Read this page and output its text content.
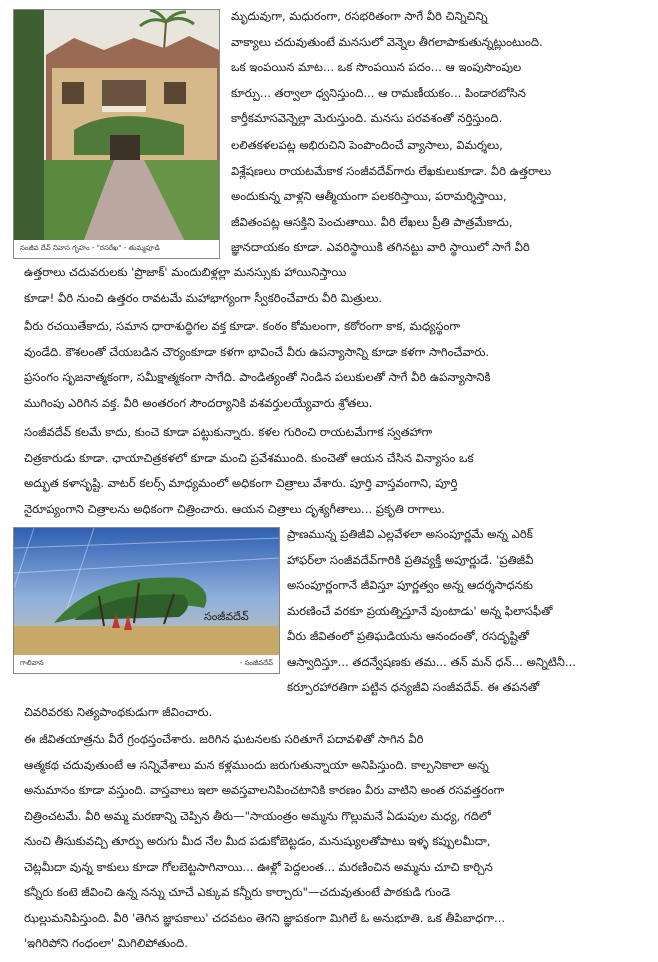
సంజీవ దేవ్ నివాస గృహం - "రసరేఖ" - తుమ్మపూడి
సంజీవదేవ్
గాలివాన	- సంజీవదేవ్
మృదువుగా, మధురంగా, రసభరితంగా సాగే వీరి చిన్నిచిన్ని
వాక్యాలు చదువుతుంటే మనసులో వెన్నెల తీగలాపాకుతున్నట్లుంటుంది.
ఒక ఇంపయిన మాట... ఒక సొంపయిన పదం... ఆ ఇంపుసొంపుల
కూర్పు... తర్వాలా ధ్వనిస్తుంది... ఆ రామణీయకం... పిండారబోసిన
కార్తీకమాసవెన్నెల్లా మెరుస్తుంది. మనసు పరవశంతో నర్తిస్తుంది.
లలితకళలపట్ల అభిరుచిని పెంపొందించే వ్యాసాలు, విమర్శలు,
విశ్లేషణలు రాయటమేకాక సంజీవదేవ్‌గారు లేఖకులుకూడా. వీరి ఉత్తరాలు
అందుకున్న వాళ్లని ఆత్మీయంగా పలకరిస్తాయి, పరామర్శిస్తాయి,
జీవితంపట్ల ఆసక్తిని పెంచుతాయి. వీరి లేఖలు ప్రీతి పాత్రమేకాదు,
జ్ఞానదాయకం కూడా. ఎవరిస్థాయికి తగినట్టు వారి స్థాయిలో సాగే వీరి
ఉత్తరాలు చదువరులకు 'ప్రొజాక్' మందుబిళ్లల్లా మనస్సుకు హాయినిస్తాయి
కూడా! వీరి నుంచి ఉత్తరం రావటమే మహాభాగ్యంగా స్వీకరించేవారు వీరి మిత్రులు.
వీరు రచయితేకాదు, సమాన ధారాశుద్ధిగల వక్త కూడా. కంఠం కోమలంగా, కఠోరంగా కాక, మధ్యస్థంగా
వుండేది. కౌశలంతో చేయబడిన చౌర్యంకూడా కళగా భావించే వీరు ఉపన్యాసాన్ని కూడా కళగా సాగించేవారు.
ప్రసంగం సృజనాత్మకంగా, సమీక్షాత్మకంగా సాగేది. పాండిత్యంతో నిండిన పలుకులతో సాగే వీరి ఉపన్యాసానికి
ముగింపు ఎరిగిన వక్త. వీరి అంతరంగ సౌందర్యానికి వశవర్తులయ్యేవారు శ్రోతలు.
సంజీవదేవ్ కలమే కాదు, కుంచె కూడా పట్టుకున్నారు. కళల గురించి రాయటమేగాక స్వతహాగా
చిత్రకారుడు కూడా. ఛాయాచిత్రకళలో కూడా మంచి ప్రవేశముంది. కుంచెతో ఆయన చేసిన విన్యాసం ఒక
అద్భుత కళాసృష్టి. వాటర్ కలర్స్ మాధ్యమంలో అధికంగా చిత్రాలు వేశారు. పూర్తి వాస్తవంగాని, పూర్తి
నైరూప్యంగాని చిత్రాలను అధికంగా చిత్రించారు. ఆయన చిత్రాలు దృశ్యగీతాలు... ప్రకృతి రాగాలు.
ప్రాణమున్న ప్రతిజీవి ఎల్లవేళలా అసంపూర్ణమే అన్న ఎరిక్
హాఫర్‌లా సంజీవదేవ్‌గారికి ప్రతివ్యక్తీ అపూర్ణుడే. 'ప్రతిజీవీ
అసంపూర్ణంగానే జీవిస్తూ పూర్ణత్వం అన్న ఆదర్శసాధనకు
మరణించే వరకూ ప్రయత్నిస్తూనే వుంటాడు' అన్న ఫిలాసఫీతో
వీరు జీవితంలో ప్రతిఘడియను ఆనందంతో, రసదృష్టితో
ఆస్వాదిస్తూ... తదన్వేషణకు తమ... తన్ మన్ ధన్... అన్నిటినీ...
కర్పూరహారతిగా పట్టిన ధన్యజీవి సంజీవదేవ్. ఈ తపనతో
చివరివరకు నిత్యపాంథకుడుగా జీవించారు.
ఈ జీవితయాత్రను వీరే గ్రంథస్తంచేశారు. జరిగిన ఘటనలకు సరితూగే పదావళితో సాగిన వీరి
ఆత్మకథ చదువుతుంటే ఆ సన్నివేశాలు మన కళ్లముందు జరుగుతున్నాయా అనిపిస్తుంది. కాల్పనికాలా అన్న
అనుమానం కూడా వస్తుంది. వాస్తవాలు ఇలా అవస్తవాలనిపించటానికి కారణం వీరు వాటిని అంత రసవత్తరంగా
చిత్రించటమే. వీరి అమ్మ మరణాన్ని చెప్పిన తీరు—"సాయంత్రం అమ్మను గొల్లుమనే ఏడుపుల మధ్య, గదిలో
నుంచి తీసుకువచ్చి తూర్పు అరుగు మీద నేల మీద పడుకోబెట్టడం, మనుష్యులతోపాటు ఇళ్ళ కప్పులమీదా,
చెట్లమీదా వున్న కాకులు కూడా గోలబెట్టసాగినాయి... ఊళ్లో పెద్దలంత... మరణించిన అమ్మను చూచి కార్చిన
కన్నీరు కంటె జీవించి ఉన్న నన్ను చూచే ఎక్కువ కన్నీరు కార్చారు"—చదువుతుంటే పాఠకుడి గుండె
ఝల్లుమనిపిస్తుంది. వీరి 'తెగిన జ్ఞాపకాలు' చదవటం తెగని జ్ఞాపకంగా మిగిలే ఓ అనుభూతి. ఒక తీపిబాధగా...
'ఇగిరిపోని గంధంలా' మిగిలిపోతుంది.
